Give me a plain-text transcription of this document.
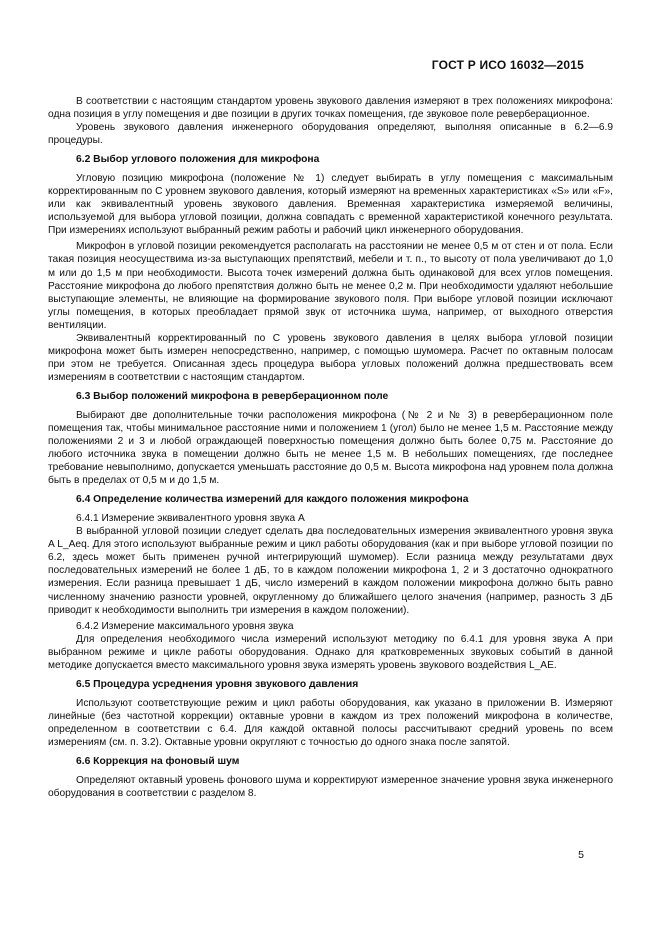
ГОСТ Р ИСО 16032—2015

В соответствии с настоящим стандартом уровень звукового давления измеряют в трех положениях микрофона: одна позиция в углу помещения и две позиции в других точках помещения, где звуковое поле реверберационное.

Уровень звукового давления инженерного оборудования определяют, выполняя описанные в 6.2—6.9 процедуры.

6.2 Выбор углового положения для микрофона

Угловую позицию микрофона (положение № 1) следует выбирать в углу помещения с максимальным корректированным по C уровнем звукового давления, который измеряют на временных характеристиках «S» или «F», или как эквивалентный уровень звукового давления. Временная характеристика измеряемой величины, используемой для выбора угловой позиции, должна совпадать с временной характеристикой конечного результата. При измерениях используют выбранный режим работы и рабочий цикл инженерного оборудования.

Микрофон в угловой позиции рекомендуется располагать на расстоянии не менее 0,5 м от стен и от пола. Если такая позиция неосуществима из-за выступающих препятствий, мебели и т. п., то высоту от пола увеличивают до 1,0 м или до 1,5 м при необходимости. Высота точек измерений должна быть одинаковой для всех углов помещения. Расстояние микрофона до любого препятствия должно быть не менее 0,2 м. При необходимости удаляют небольшие выступающие элементы, не влияющие на формирование звукового поля. При выборе угловой позиции исключают углы помещения, в которых преобладает прямой звук от источника шума, например, от выходного отверстия вентиляции.

Эквивалентный корректированный по C уровень звукового давления в целях выбора угловой позиции микрофона может быть измерен непосредственно, например, с помощью шумомера. Расчет по октавным полосам при этом не требуется. Описанная здесь процедура выбора угловых положений должна предшествовать всем измерениям в соответствии с настоящим стандартом.

6.3 Выбор положений микрофона в реверберационном поле

Выбирают две дополнительные точки расположения микрофона (№ 2 и № 3) в реверберационном поле помещения так, чтобы минимальное расстояние ними и положением 1 (угол) было не менее 1,5 м. Расстояние между положениями 2 и 3 и любой ограждающей поверхностью помещения должно быть более 0,75 м. Расстояние до любого источника звука в помещении должно быть не менее 1,5 м. В небольших помещениях, где последнее требование невыполнимо, допускается уменьшать расстояние до 0,5 м. Высота микрофона над уровнем пола должна быть в пределах от 0,5 м и до 1,5 м.

6.4 Определение количества измерений для каждого положения микрофона

6.4.1 Измерение эквивалентного уровня звука A

В выбранной угловой позиции следует сделать два последовательных измерения эквивалентного уровня звука A L_Aeq. Для этого используют выбранные режим и цикл работы оборудования (как и при выборе угловой позиции по 6.2, здесь может быть применен ручной интегрирующий шумомер). Если разница между результатами двух последовательных измерений не более 1 дБ, то в каждом положении микрофона 1, 2 и 3 достаточно однократного измерения. Если разница превышает 1 дБ, число измерений в каждом положении микрофона должно быть равно численному значению разности уровней, округленному до ближайшего целого значения (например, разность 3 дБ приводит к необходимости выполнить три измерения в каждом положении).

6.4.2 Измерение максимального уровня звука

Для определения необходимого числа измерений используют методику по 6.4.1 для уровня звука A при выбранном режиме и цикле работы оборудования. Однако для кратковременных звуковых событий в данной методике допускается вместо максимального уровня звука измерять уровень звукового воздействия L_AE.

6.5 Процедура усреднения уровня звукового давления

Используют соответствующие режим и цикл работы оборудования, как указано в приложении В. Измеряют линейные (без частотной коррекции) октавные уровни в каждом из трех положений микрофона в количестве, определенном в соответствии с 6.4. Для каждой октавной полосы рассчитывают средний уровень по всем измерениям (см. п. 3.2). Октавные уровни округляют с точностью до одного знака после запятой.

6.6 Коррекция на фоновый шум

Определяют октавный уровень фонового шума и корректируют измеренное значение уровня звука инженерного оборудования в соответствии с разделом 8.

5
